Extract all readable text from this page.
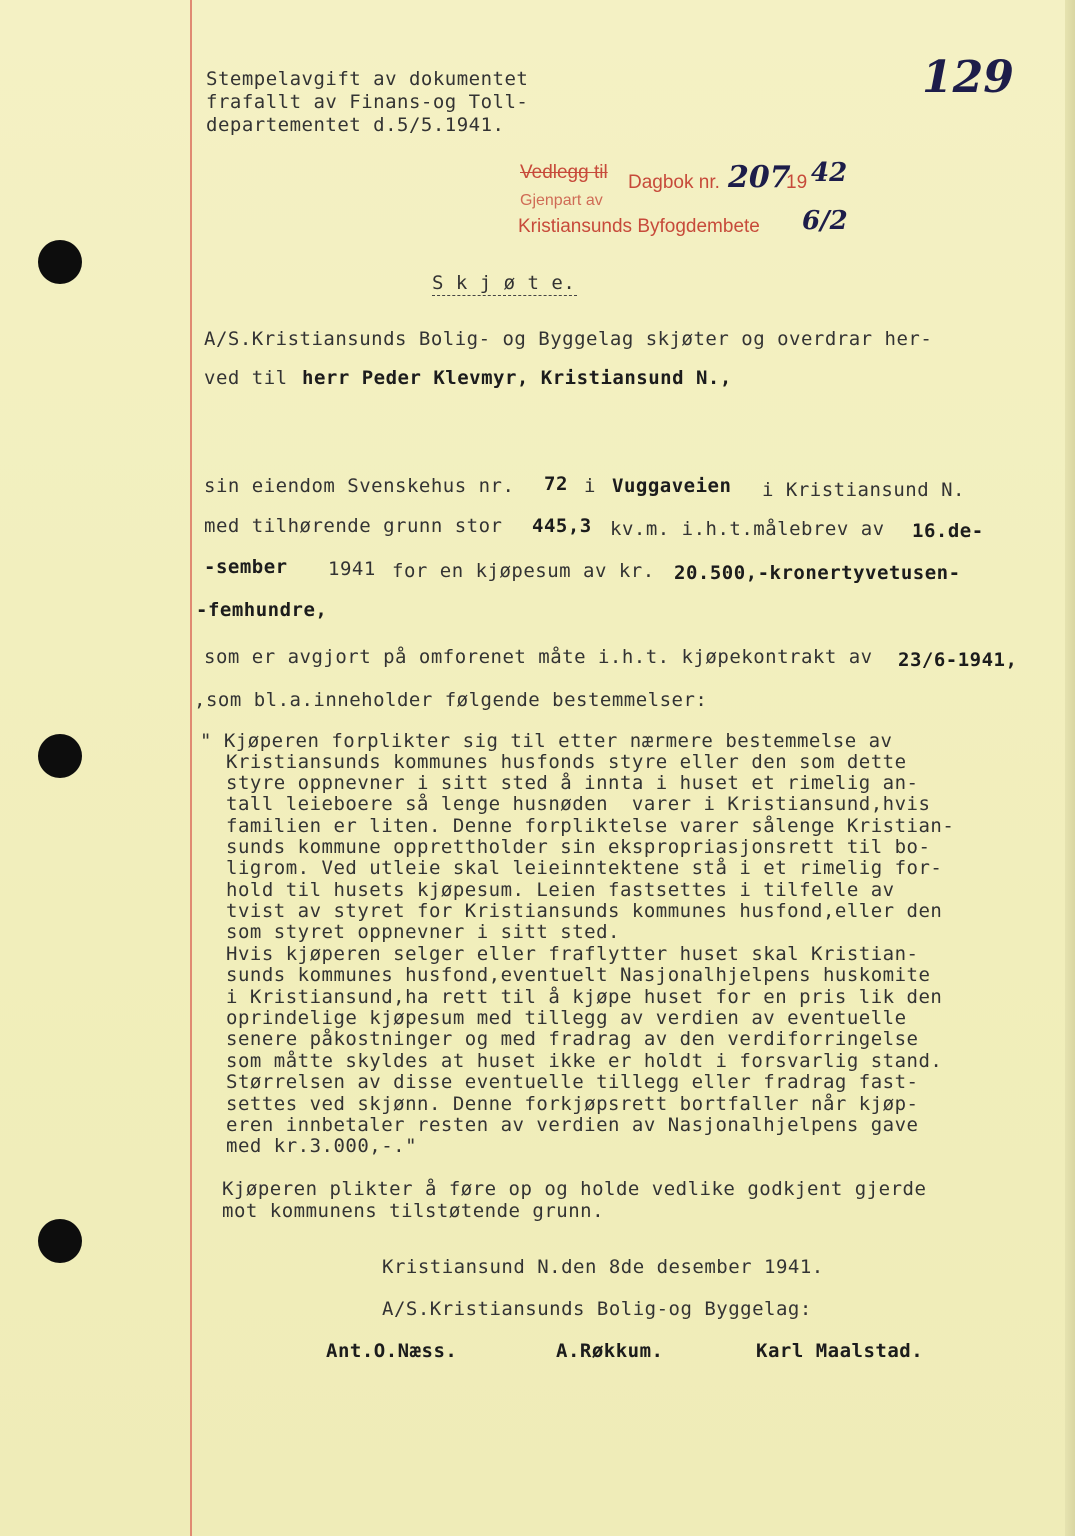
129
Stempelavgift av dokumentet
frafallt av Finans-og Toll-
departementet d.5/5.1941.
Vedlegg til Dagbok nr. 207
19 42
Gjenpart av
Kristiansunds Byfogdembete 6/2
S k j ø t e.
A/S.Kristiansunds Bolig- og Byggelag skjøter og overdrar her-
ved til herr Peder Klevmyr, Kristiansund N.,
sin eiendom Svenskehus nr. 72 i Vuggaveien i Kristiansund N.
med tilhørende grunn stor 445,3 kv.m. i.h.t.målebrev av 16.de-
-sember 1941 for en kjøpesum av kr. 20.500,-kronertyvetusen-
-femhundre,
som er avgjort på omforenet måte i.h.t. kjøpekontrakt av 23/6-1941,
,som bl.a.inneholder følgende bestemmelser:
" Kjøperen forplikter sig til etter nærmere bestemmelse av
Kristiansunds kommunes husfonds styre eller den som dette
styre oppnevner i sitt sted å innta i huset et rimelig an-
tall leieboere så lenge husnøden  varer i Kristiansund,hvis
familien er liten. Denne forpliktelse varer sålenge Kristian-
sunds kommune opprettholder sin ekspropriasjonsrett til bo-
ligrom. Ved utleie skal leieinntektene stå i et rimelig for-
hold til husets kjøpesum. Leien fastsettes i tilfelle av
tvist av styret for Kristiansunds kommunes husfond,eller den
som styret oppnevner i sitt sted.
Hvis kjøperen selger eller fraflytter huset skal Kristian-
sunds kommunes husfond,eventuelt Nasjonalhjelpens huskomite
i Kristiansund,ha rett til å kjøpe huset for en pris lik den
oprindelige kjøpesum med tillegg av verdien av eventuelle
senere påkostninger og med fradrag av den verdiforringelse
som måtte skyldes at huset ikke er holdt i forsvarlig stand.
Størrelsen av disse eventuelle tillegg eller fradrag fast-
settes ved skjønn. Denne forkjøpsrett bortfaller når kjøp-
eren innbetaler resten av verdien av Nasjonalhjelpens gave
med kr.3.000,-."
Kjøperen plikter å føre op og holde vedlike godkjent gjerde
mot kommunens tilstøtende grunn.
Kristiansund N.den 8de desember 1941.
A/S.Kristiansunds Bolig-og Byggelag:
Ant.O.Næss.	A.Røkkum.	Karl Maalstad.
